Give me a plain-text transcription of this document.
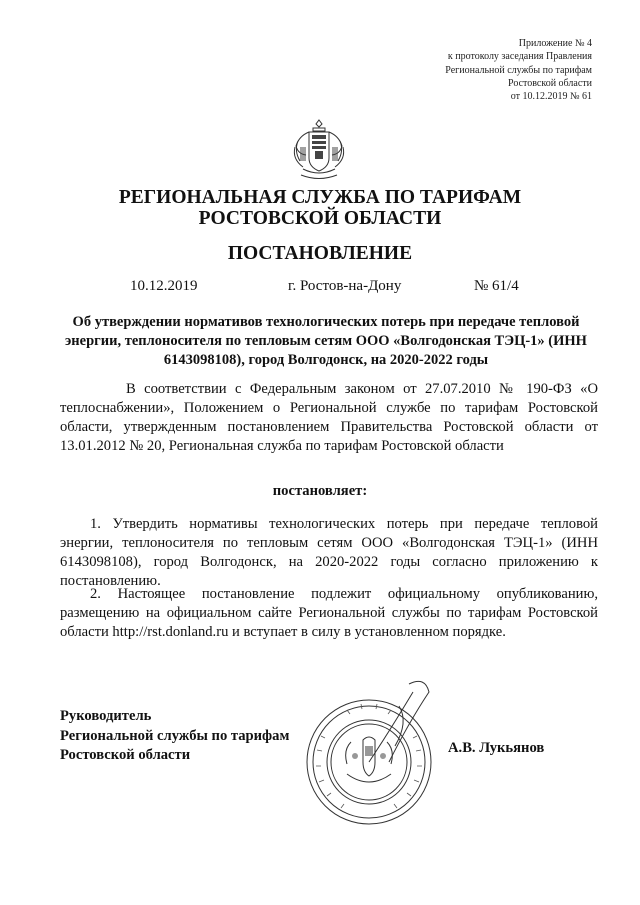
Приложение № 4
к протоколу заседания Правления
Региональной службы по тарифам
Ростовской области
от 10.12.2019 № 61
РЕГИОНАЛЬНАЯ СЛУЖБА ПО ТАРИФАМ
РОСТОВСКОЙ ОБЛАСТИ
ПОСТАНОВЛЕНИЕ
10.12.2019	г. Ростов-на-Дону	№ 61/4
Об утверждении нормативов технологических потерь при передаче тепловой энергии, теплоносителя по тепловым сетям ООО «Волгодонская ТЭЦ-1» (ИНН 6143098108), город Волгодонск, на 2020-2022 годы
В соответствии с Федеральным законом от 27.07.2010 № 190-ФЗ «О теплоснабжении», Положением о Региональной службе по тарифам Ростовской области, утвержденным постановлением Правительства Ростовской области от 13.01.2012 № 20, Региональная служба по тарифам Ростовской области
постановляет:
1. Утвердить нормативы технологических потерь при передаче тепловой энергии, теплоносителя по тепловым сетям ООО «Волгодонская ТЭЦ-1» (ИНН 6143098108), город Волгодонск, на 2020-2022 годы согласно приложению к постановлению.
2. Настоящее постановление подлежит официальному опубликованию, размещению на официальном сайте Региональной службы по тарифам Ростовской области http://rst.donland.ru и вступает в силу в установленном порядке.
Руководитель
Региональной службы по тарифам
Ростовской области	А.В. Лукьянов
